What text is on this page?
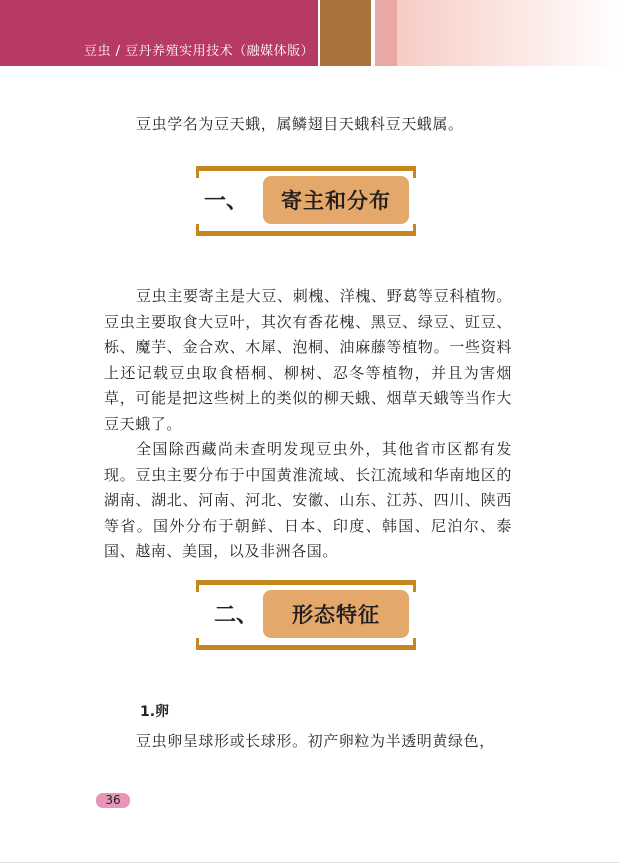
豆虫 / 豆丹养殖实用技术（融媒体版）

豆虫学名为豆天蛾，属鳞翅目天蛾科豆天蛾属。

一、 寄主和分布

豆虫主要寄主是大豆、刺槐、洋槐、野葛等豆科植物。豆虫主要取食大豆叶，其次有香花槐、黑豆、绿豆、豇豆、栎、魔芋、金合欢、木犀、泡桐、油麻藤等植物。一些资料上还记载豆虫取食梧桐、柳树、忍冬等植物，并且为害烟草，可能是把这些树上的类似的柳天蛾、烟草天蛾等当作大豆天蛾了。

全国除西藏尚未查明发现豆虫外，其他省市区都有发现。豆虫主要分布于中国黄淮流域、长江流域和华南地区的湖南、湖北、河南、河北、安徽、山东、江苏、四川、陕西等省。国外分布于朝鲜、日本、印度、韩国、尼泊尔、泰国、越南、美国，以及非洲各国。

二、 形态特征

1.卵

豆虫卵呈球形或长球形。初产卵粒为半透明黄绿色，

36
